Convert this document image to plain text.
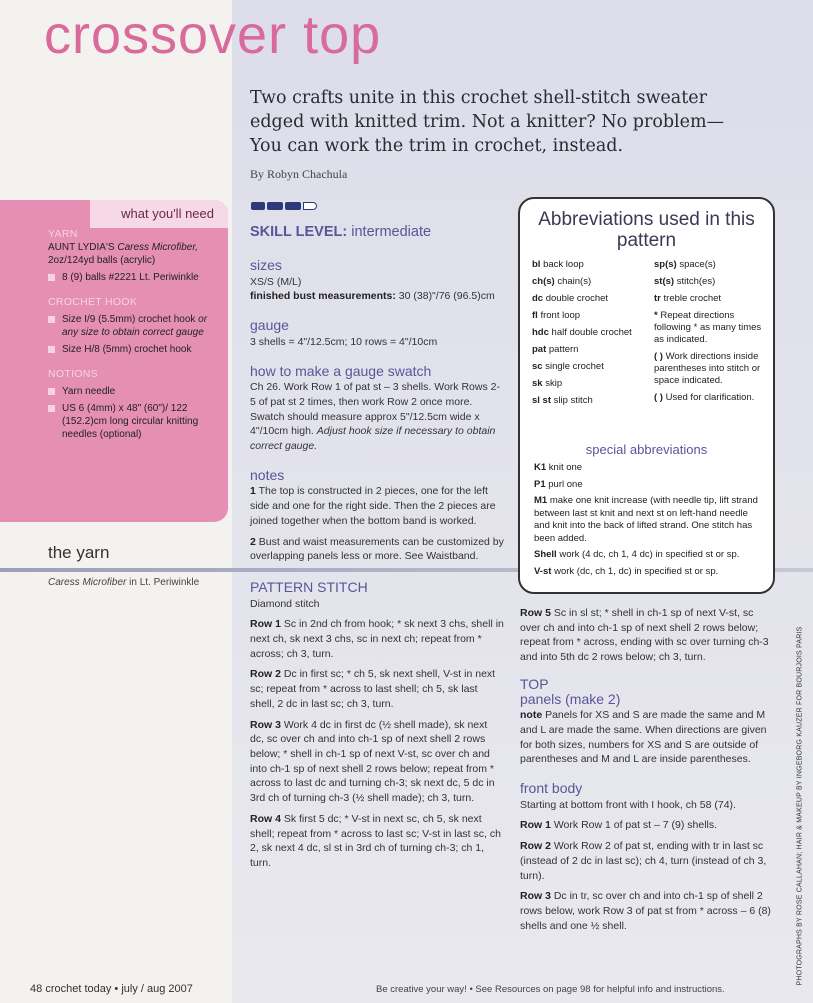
crossover top

Two crafts unite in this crochet shell-stitch sweater edged with knitted trim. Not a knitter? No problem— You can work the trim in crochet, instead.

By Robyn Chachula

SKILL LEVEL: intermediate

what you'll need
YARN
AUNT LYDIA'S Caress Microfiber, 2oz/124yd balls (acrylic)
8 (9) balls #2221 Lt. Periwinkle
CROCHET HOOK
Size I/9 (5.5mm) crochet hook or any size to obtain correct gauge
Size H/8 (5mm) crochet hook
NOTIONS
Yarn needle
US 6 (4mm) x 48" (60")/ 122 (152.2)cm long circular knitting needles (optional)
the yarn

Caress Microfiber in Lt. Periwinkle

sizes

XS/S (M/L)

finished bust measurements: 30 (38)"/76 (96.5)cm

gauge

3 shells = 4"/12.5cm; 10 rows = 4"/10cm

how to make a gauge swatch

Ch 26. Work Row 1 of pat st – 3 shells. Work Rows 2-5 of pat st 2 times, then work Row 2 once more. Swatch should measure approx 5"/12.5cm wide x 4"/10cm high. Adjust hook size if necessary to obtain correct gauge.

notes

1 The top is constructed in 2 pieces, one for the left side and one for the right side. Then the 2 pieces are joined together when the bottom band is worked.

2 Bust and waist measurements can be customized by overlapping panels less or more. See Waistband.

PATTERN STITCH

Diamond stitch

Row 1 Sc in 2nd ch from hook; * sk next 3 chs, shell in next ch, sk next 3 chs, sc in next ch; repeat from * across; ch 3, turn.

Row 2 Dc in first sc; * ch 5, sk next shell, V-st in next sc; repeat from * across to last shell; ch 5, sk last shell, 2 dc in last sc; ch 3, turn.

Row 3 Work 4 dc in first dc (½ shell made), sk next dc, sc over ch and into ch-1 sp of next shell 2 rows below; * shell in ch-1 sp of next V-st, sc over ch and into ch-1 sp of next shell 2 rows below; repeat from * across to last dc and turning ch-3; sk next dc, 5 dc in 3rd ch of turning ch-3 (½ shell made); ch 3, turn.

Row 4 Sk first 5 dc; * V-st in next sc, ch 5, sk next shell; repeat from * across to last sc; V-st in last sc, ch 2, sk next 4 dc, sl st in 3rd ch of turning ch-3; ch 1, turn.

Abbreviations used in this pattern
bl back loop
ch(s) chain(s)
dc double crochet
fl front loop
hdc half double crochet
pat pattern
sc single crochet
sk skip
sl st slip stitch
sp(s) space(s)
st(s) stitch(es)
tr treble crochet
* Repeat directions following * as many times as indicated.
( ) Work directions inside parentheses into stitch or space indicated.
( ) Used for clarification.
special abbreviations
K1 knit one
P1 purl one
M1 make one knit increase (with needle tip, lift strand between last st knit and next st on left-hand needle and knit into the back of lifted strand. One stitch has been added.
Shell work (4 dc, ch 1, 4 dc) in specified st or sp.
V-st work (dc, ch 1, dc) in specified st or sp.

Row 5 Sc in sl st; * shell in ch-1 sp of next V-st, sc over ch and into ch-1 sp of next shell 2 rows below; repeat from * across, ending with sc over turning ch-3 and into 5th dc 2 rows below; ch 3, turn.

TOP
panels (make 2)

note Panels for XS and S are made the same and M and L are made the same. When directions are given for both sizes, numbers for XS and S are outside of parentheses and M and L are inside parentheses.

front body

Starting at bottom front with I hook, ch 58 (74).

Row 1 Work Row 1 of pat st – 7 (9) shells.

Row 2 Work Row 2 of pat st, ending with tr in last sc (instead of 2 dc in last sc); ch 4, turn (instead of ch 3, turn).

Row 3 Dc in tr, sc over ch and into ch-1 sp of shell 2 rows below, work Row 3 of pat st from * across – 6 (8) shells and one ½ shell.	PHOTOGRAPHS BY ROSE CALLAHAN; HAIR & MAKEUP BY INGEBORG KAUZER FOR BOURJOIS PARIS

48 crochet today • july / aug 2007	Be creative your way! • See Resources on page 98 for helpful info and instructions.
